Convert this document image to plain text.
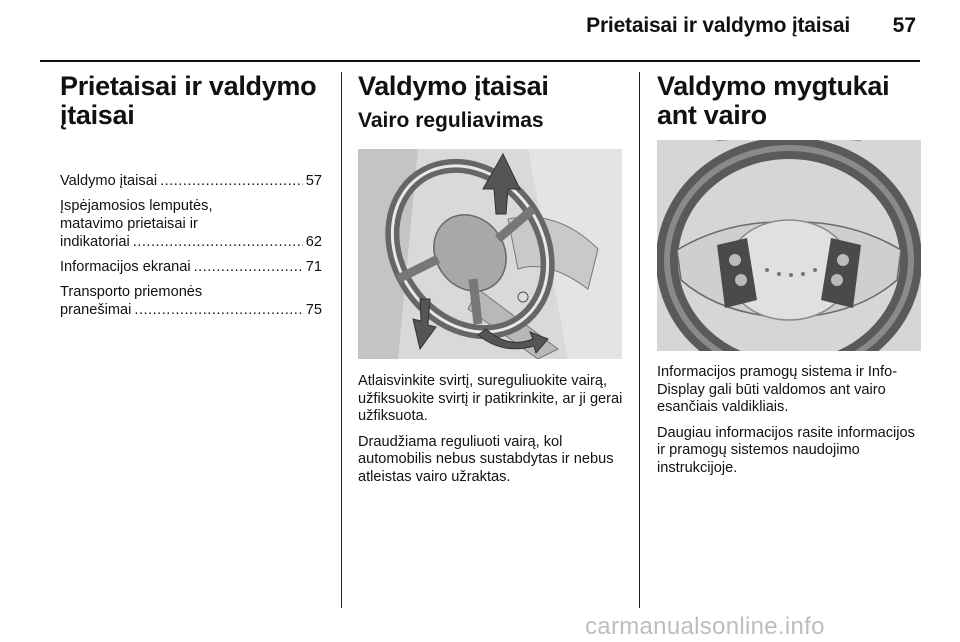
Prietaisai ir valdymo įtaisai	57
Prietaisai ir valdymo įtaisai
Valdymo įtaisai .....	57
Įspėjamosios lemputės,
matavimo prietaisai ir
indikatoriai .....	62
Informacijos ekranai .....	71
Transporto priemonės
pranešimai .....	75
Valdymo įtaisai
Vairo reguliavimas

Atlaisvinkite svirtį, sureguliuokite vairą, užfiksuokite svirtį ir patikrinkite, ar ji gerai užfiksuota.

Draudžiama reguliuoti vairą, kol automobilis nebus sustabdytas ir nebus atleistas vairo užraktas.

Valdymo mygtukai ant vairo

Informacijos pramogų sistema ir Info-Display gali būti valdomos ant vairo esančiais valdikliais.

Daugiau informacijos rasite informacijos ir pramogų sistemos naudojimo instrukcijoje.

carmanualsonline.info
